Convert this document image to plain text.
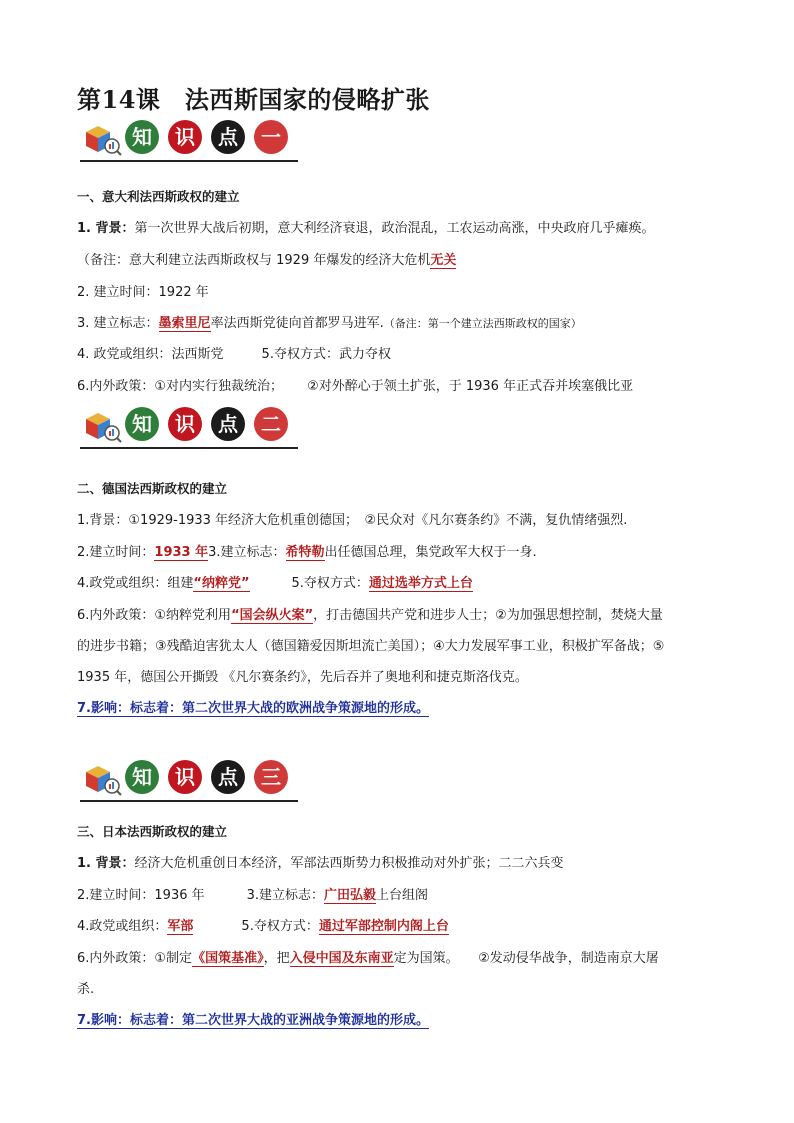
第14课　法西斯国家的侵略扩张
知	识	点	一
一、意大利法西斯政权的建立
1. 背景：第一次世界大战后初期，意大利经济衰退，政治混乱，工农运动高涨，中央政府几乎瘫痪。
（备注：意大利建立法西斯政权与 1929 年爆发的经济大危机无关
2. 建立时间：1922 年
3. 建立标志：墨索里尼率法西斯党徒向首都罗马进军.（备注：第一个建立法西斯政权的国家）
4. 政党或组织：法西斯党	5.夺权方式：武力夺权
6.内外政策：①对内实行独裁统治； ②对外醉心于领土扩张，于 1936 年正式吞并埃塞俄比亚
知	识	点	二
二、德国法西斯政权的建立
1.背景：①1929-1933 年经济大危机重创德国；　②民众对《凡尔赛条约》不满，复仇情绪强烈.
2.建立时间：1933 年3.建立标志：希特勒出任德国总理，集党政军大权于一身.
4.政党或组织：组建“纳粹党”	5.夺权方式：通过选举方式上台
6.内外政策：①纳粹党利用“国会纵火案”，打击德国共产党和进步人士；②为加强思想控制，焚烧大量
的进步书籍；③残酷迫害犹太人（德国籍爱因斯坦流亡美国）；④大力发展军事工业，积极扩军备战；⑤
1935 年，德国公开撕毁 《凡尔赛条约》，先后吞并了奥地利和捷克斯洛伐克。
7.影响：标志着：第二次世界大战的欧洲战争策源地的形成。
知	识	点	三
三、日本法西斯政权的建立
1. 背景：经济大危机重创日本经济，军部法西斯势力积极推动对外扩张；二二六兵变
2.建立时间：1936 年	3.建立标志：广田弘毅上台组阁
4.政党或组织：军部	5.夺权方式：通过军部控制内阁上台
6.内外政策：①制定《国策基准》，把入侵中国及东南亚定为国策。　　②发动侵华战争，制造南京大屠
杀.
7.影响：标志着：第二次世界大战的亚洲战争策源地的形成。
